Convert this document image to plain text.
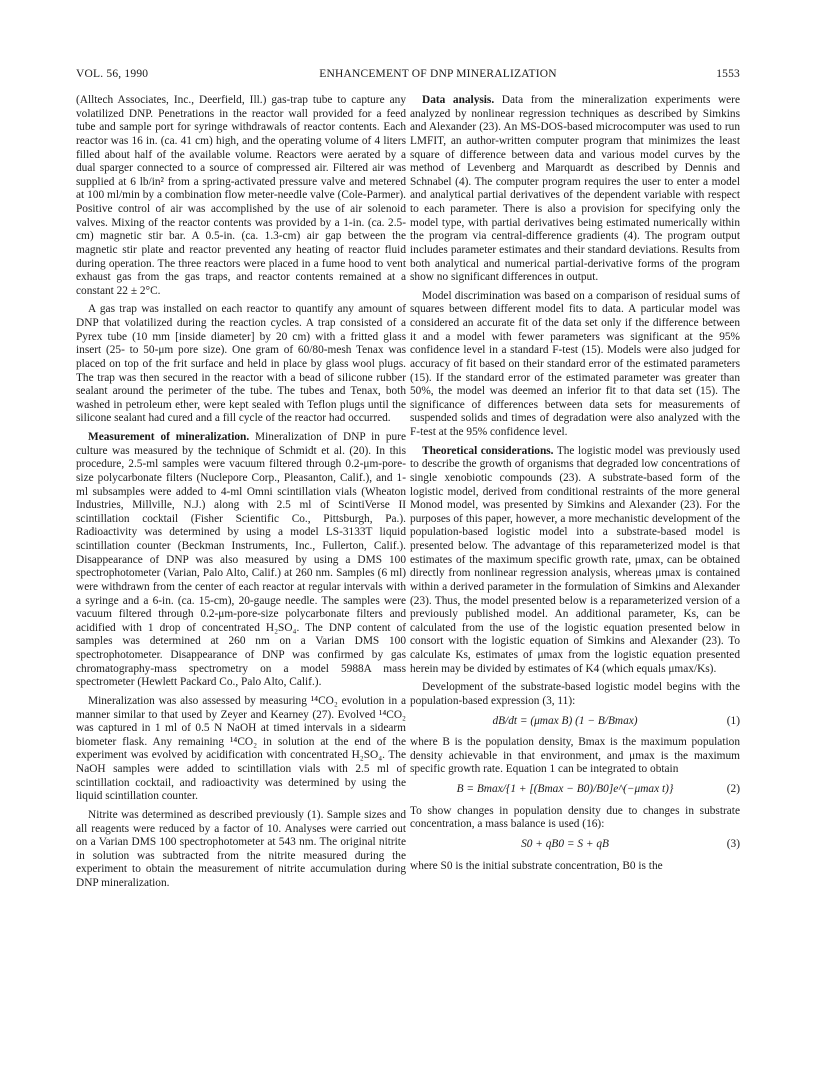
VOL. 56, 1990	ENHANCEMENT OF DNP MINERALIZATION	1553

(Alltech Associates, Inc., Deerfield, Ill.) gas-trap tube to capture any volatilized DNP. Penetrations in the reactor wall provided for a feed tube and sample port for syringe withdrawals of reactor contents. Each reactor was 16 in. (ca. 41 cm) high, and the operating volume of 4 liters filled about half of the available volume. Reactors were aerated by a dual sparger connected to a source of compressed air. Filtered air was supplied at 6 lb/in² from a spring-activated pressure valve and metered at 100 ml/min by a combination flow meter-needle valve (Cole-Parmer). Positive control of air was accomplished by the use of air solenoid valves. Mixing of the reactor contents was provided by a 1-in. (ca. 2.5-cm) magnetic stir bar. A 0.5-in. (ca. 1.3-cm) air gap between the magnetic stir plate and reactor prevented any heating of reactor fluid during operation. The three reactors were placed in a fume hood to vent exhaust gas from the gas traps, and reactor contents remained at a constant 22 ± 2°C.

A gas trap was installed on each reactor to quantify any amount of DNP that volatilized during the reaction cycles. A trap consisted of a Pyrex tube (10 mm [inside diameter] by 20 cm) with a fritted glass insert (25- to 50-μm pore size). One gram of 60/80-mesh Tenax was placed on top of the frit surface and held in place by glass wool plugs. The trap was then secured in the reactor with a bead of silicone rubber sealant around the perimeter of the tube. The tubes and Tenax, both washed in petroleum ether, were kept sealed with Teflon plugs until the silicone sealant had cured and a fill cycle of the reactor had occurred.

Measurement of mineralization. Mineralization of DNP in pure culture was measured by the technique of Schmidt et al. (20). In this procedure, 2.5-ml samples were vacuum filtered through 0.2-μm-pore-size polycarbonate filters (Nuclepore Corp., Pleasanton, Calif.), and 1-ml subsamples were added to 4-ml Omni scintillation vials (Wheaton Industries, Millville, N.J.) along with 2.5 ml of ScintiVerse II scintillation cocktail (Fisher Scientific Co., Pittsburgh, Pa.). Radioactivity was determined by using a model LS-3133T liquid scintillation counter (Beckman Instruments, Inc., Fullerton, Calif.). Disappearance of DNP was also measured by using a DMS 100 spectrophotometer (Varian, Palo Alto, Calif.) at 260 nm. Samples (6 ml) were withdrawn from the center of each reactor at regular intervals with a syringe and a 6-in. (ca. 15-cm), 20-gauge needle. The samples were vacuum filtered through 0.2-μm-pore-size polycarbonate filters and acidified with 1 drop of concentrated H₂SO₄. The DNP content of samples was determined at 260 nm on a Varian DMS 100 spectrophotometer. Disappearance of DNP was confirmed by gas chromatography-mass spectrometry on a model 5988A mass spectrometer (Hewlett Packard Co., Palo Alto, Calif.).

Mineralization was also assessed by measuring ¹⁴CO₂ evolution in a manner similar to that used by Zeyer and Kearney (27). Evolved ¹⁴CO₂ was captured in 1 ml of 0.5 N NaOH at timed intervals in a sidearm biometer flask. Any remaining ¹⁴CO₂ in solution at the end of the experiment was evolved by acidification with concentrated H₂SO₄. The NaOH samples were added to scintillation vials with 2.5 ml of scintillation cocktail, and radioactivity was determined by using the liquid scintillation counter.

Nitrite was determined as described previously (1). Sample sizes and all reagents were reduced by a factor of 10. Analyses were carried out on a Varian DMS 100 spectrophotometer at 543 nm. The original nitrite in solution was subtracted from the nitrite measured during the experiment to obtain the measurement of nitrite accumulation during DNP mineralization.

Data analysis. Data from the mineralization experiments were analyzed by nonlinear regression techniques as described by Simkins and Alexander (23). An MS-DOS-based microcomputer was used to run LMFIT, an author-written computer program that minimizes the least square of difference between data and various model curves by the method of Levenberg and Marquardt as described by Dennis and Schnabel (4). The computer program requires the user to enter a model and analytical partial derivatives of the dependent variable with respect to each parameter. There is also a provision for specifying only the model type, with partial derivatives being estimated numerically within the program via central-difference gradients (4). The program output includes parameter estimates and their standard deviations. Results from both analytical and numerical partial-derivative forms of the program show no significant differences in output.

Model discrimination was based on a comparison of residual sums of squares between different model fits to data. A particular model was considered an accurate fit of the data set only if the difference between it and a model with fewer parameters was significant at the 95% confidence level in a standard F-test (15). Models were also judged for accuracy of fit based on their standard error of the estimated parameters (15). If the standard error of the estimated parameter was greater than 50%, the model was deemed an inferior fit to that data set (15). The significance of differences between data sets for measurements of suspended solids and times of degradation were also analyzed with the F-test at the 95% confidence level.

Theoretical considerations. The logistic model was previously used to describe the growth of organisms that degraded low concentrations of single xenobiotic compounds (23). A substrate-based form of the logistic model, derived from conditional restraints of the more general Monod model, was presented by Simkins and Alexander (23). For the purposes of this paper, however, a more mechanistic development of the population-based logistic model into a substrate-based model is presented below. The advantage of this reparameterized model is that estimates of the maximum specific growth rate, μmax, can be obtained directly from nonlinear regression analysis, whereas μmax is contained within a derived parameter in the formulation of Simkins and Alexander (23). Thus, the model presented below is a reparameterized version of a previously published model. An additional parameter, Ks, can be calculated from the use of the logistic equation presented below in consort with the logistic equation of Simkins and Alexander (23). To calculate Ks, estimates of μmax from the logistic equation presented herein may be divided by estimates of K4 (which equals μmax/Ks).

Development of the substrate-based logistic model begins with the population-based expression (3, 11):

dB/dt = (μmax B) (1 − B/Bmax)	(1)

where B is the population density, Bmax is the maximum population density achievable in that environment, and μmax is the maximum specific growth rate. Equation 1 can be integrated to obtain

B = Bmax/{1 + [(Bmax − B0)/B0]e^(−μmax t)}	(2)

To show changes in population density due to changes in substrate concentration, a mass balance is used (16):

S0 + qB0 = S + qB	(3)

where S0 is the initial substrate concentration, B0 is the
